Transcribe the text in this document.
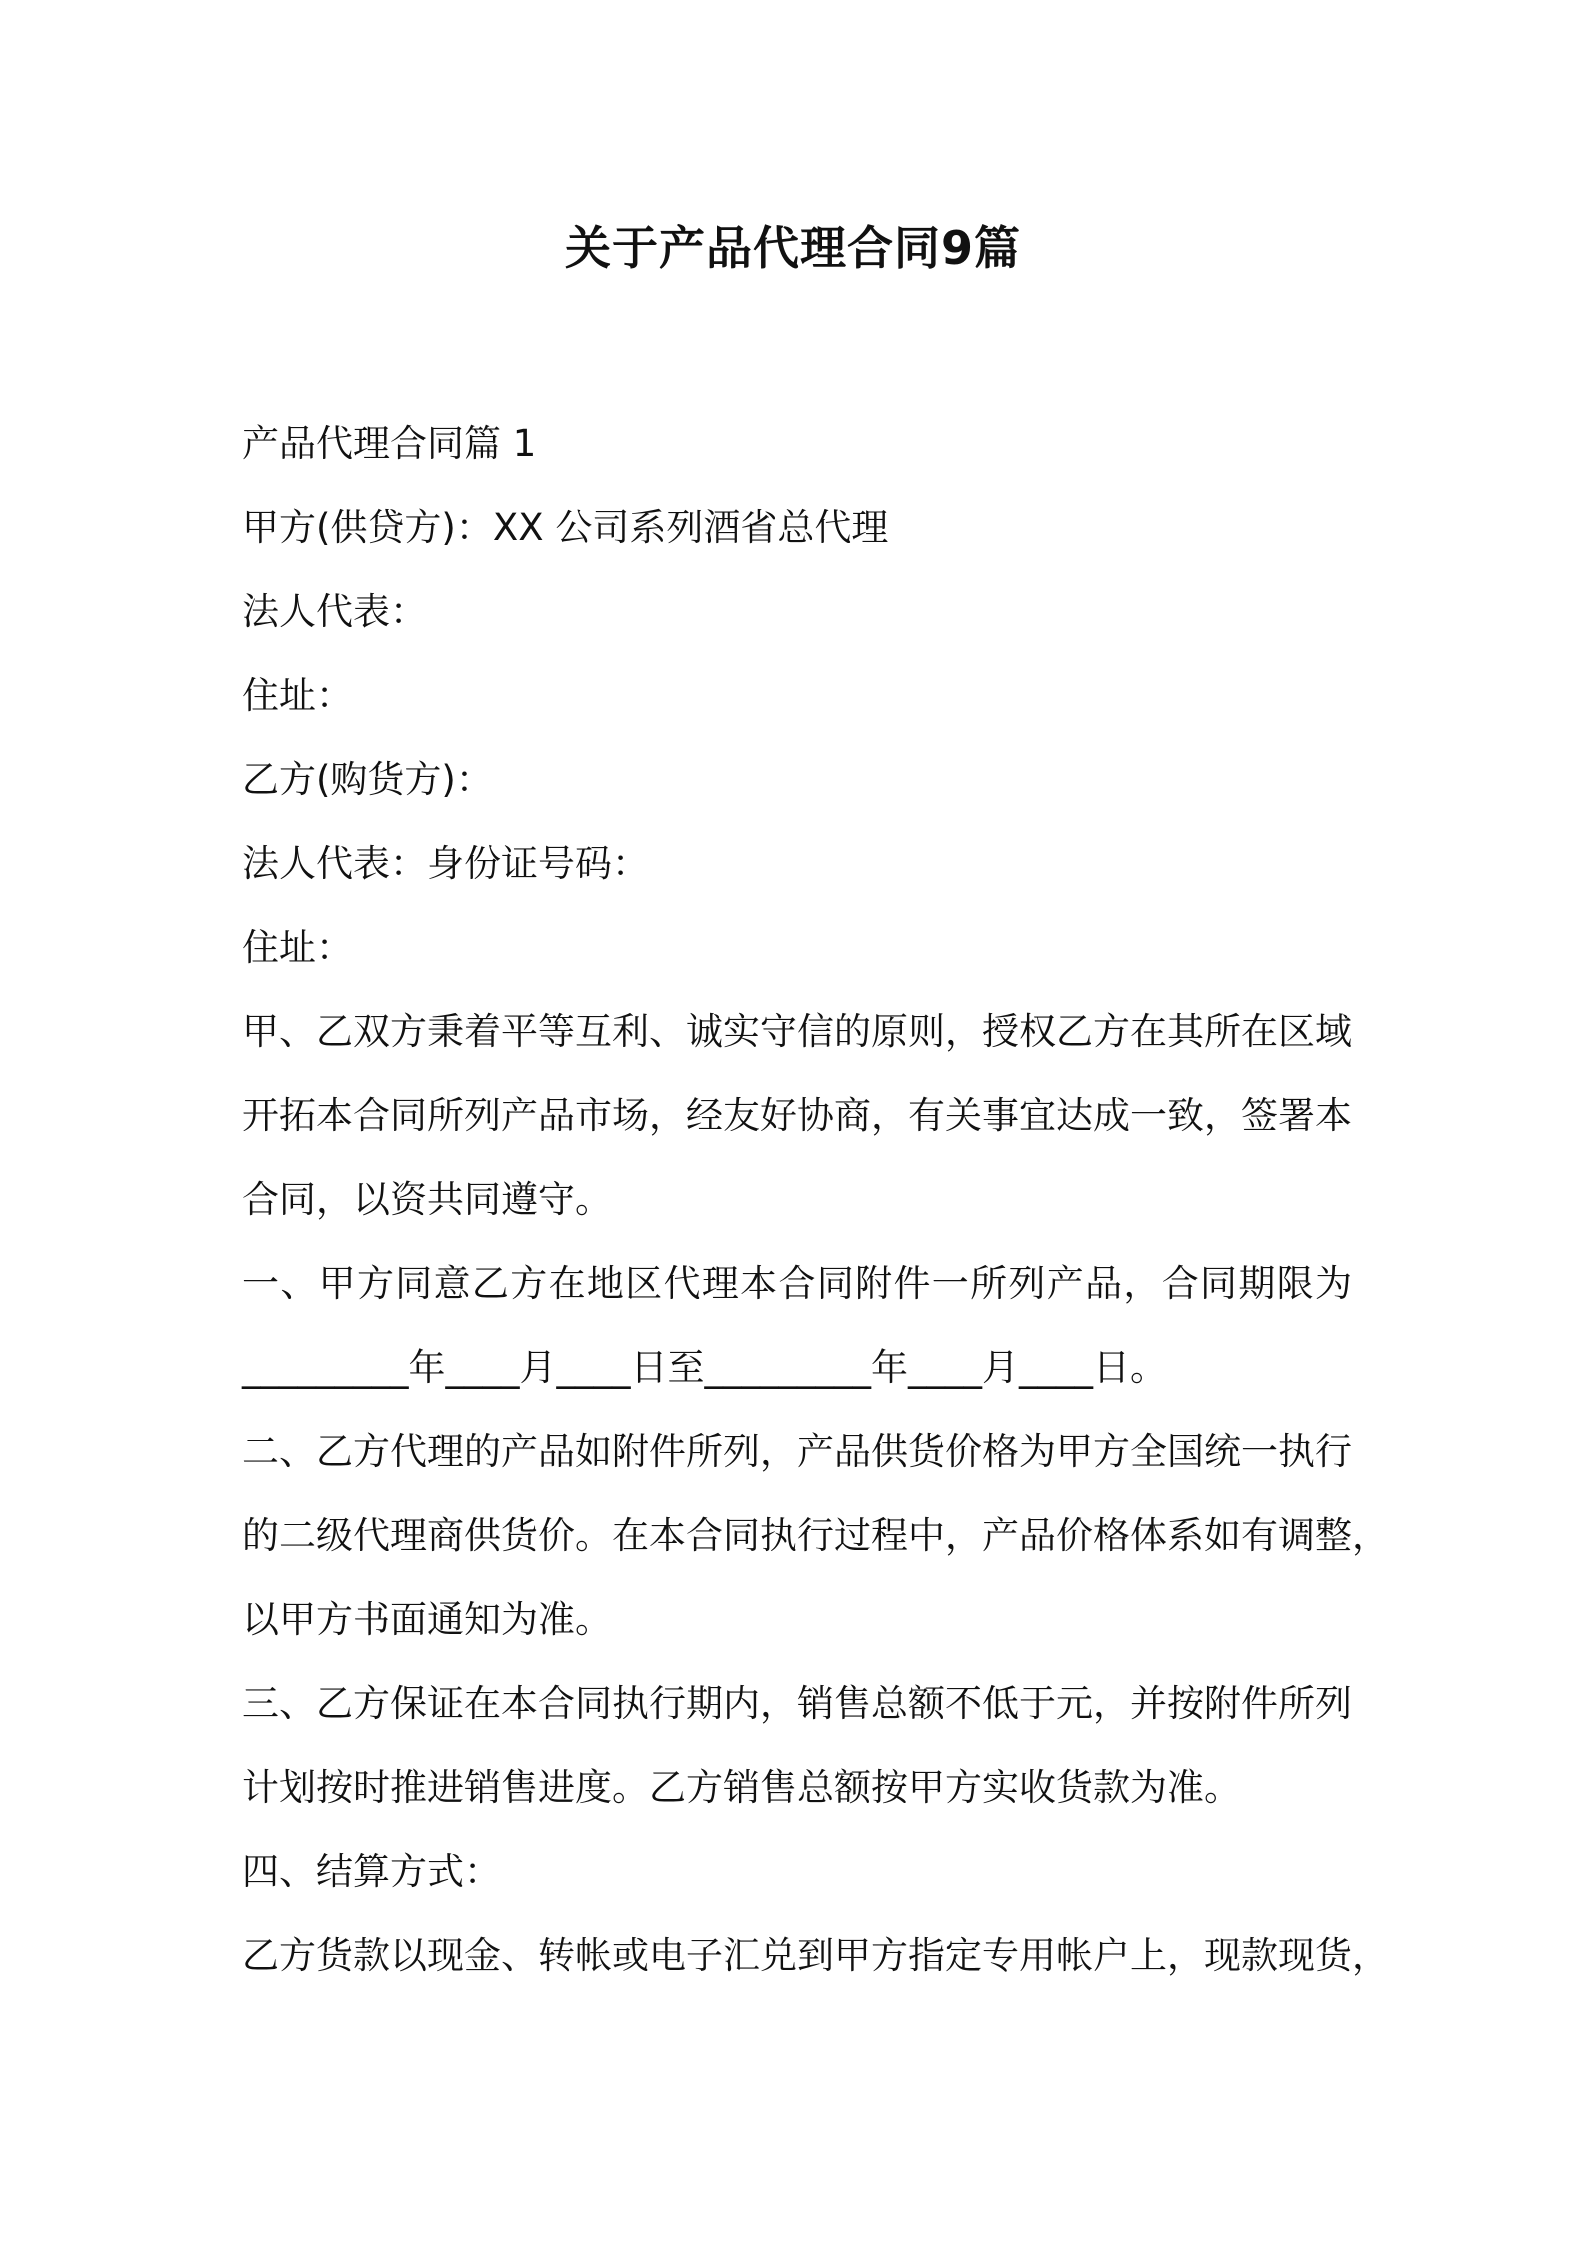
关于产品代理合同9篇

产品代理合同篇 1

甲方(供贷方)：XX 公司系列酒省总代理

法人代表：

住址：

乙方(购货方)：

法人代表：身份证号码：

住址：

甲、乙双方秉着平等互利、诚实守信的原则，授权乙方在其所在区域

开拓本合同所列产品市场，经友好协商，有关事宜达成一致，签署本

合同，以资共同遵守。

一、甲方同意乙方在地区代理本合同附件一所列产品，合同期限为

_________年____月____日至_________年____月____日。

二、乙方代理的产品如附件所列，产品供货价格为甲方全国统一执行

的二级代理商供货价。在本合同执行过程中，产品价格体系如有调整，

以甲方书面通知为准。

三、乙方保证在本合同执行期内，销售总额不低于元，并按附件所列

计划按时推进销售进度。乙方销售总额按甲方实收货款为准。

四、结算方式：

乙方货款以现金、转帐或电子汇兑到甲方指定专用帐户上，现款现货，
